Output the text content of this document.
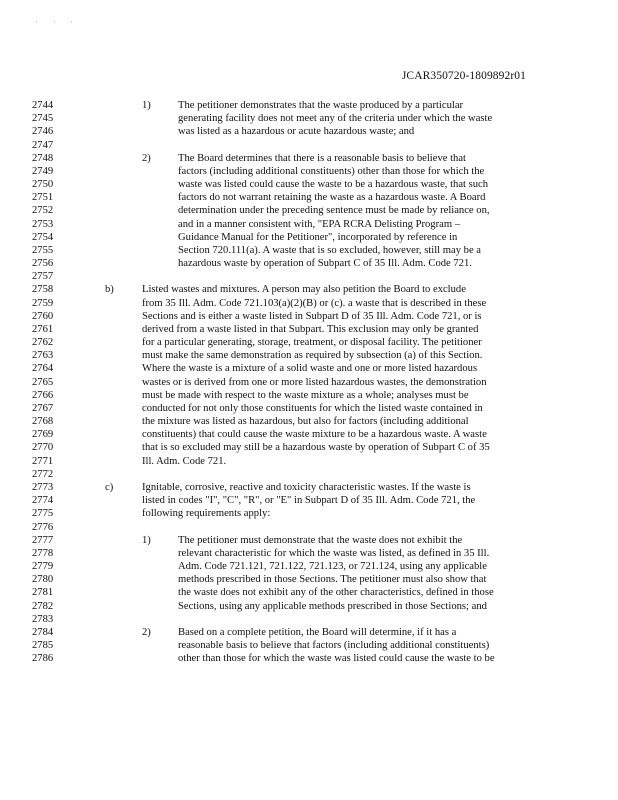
' ' '
JCAR350720-1809892r01
2744	1)	The petitioner demonstrates that the waste produced by a particular
2745	generating facility does not meet any of the criteria under which the waste
2746	was listed as a hazardous or acute hazardous waste; and
2747
2748	2)	The Board determines that there is a reasonable basis to believe that
2749	factors (including additional constituents) other than those for which the
2750	waste was listed could cause the waste to be a hazardous waste, that such
2751	factors do not warrant retaining the waste as a hazardous waste. A Board
2752	determination under the preceding sentence must be made by reliance on,
2753	and in a manner consistent with, "EPA RCRA Delisting Program –
2754	Guidance Manual for the Petitioner", incorporated by reference in
2755	Section 720.111(a). A waste that is so excluded, however, still may be a
2756	hazardous waste by operation of Subpart C of 35 Ill. Adm. Code 721.
2757
2758	b)	Listed wastes and mixtures. A person may also petition the Board to exclude
2759	from 35 Ill. Adm. Code 721.103(a)(2)(B) or (c). a waste that is described in these
2760	Sections and is either a waste listed in Subpart D of 35 Ill. Adm. Code 721, or is
2761	derived from a waste listed in that Subpart. This exclusion may only be granted
2762	for a particular generating, storage, treatment, or disposal facility. The petitioner
2763	must make the same demonstration as required by subsection (a) of this Section.
2764	Where the waste is a mixture of a solid waste and one or more listed hazardous
2765	wastes or is derived from one or more listed hazardous wastes, the demonstration
2766	must be made with respect to the waste mixture as a whole; analyses must be
2767	conducted for not only those constituents for which the listed waste contained in
2768	the mixture was listed as hazardous, but also for factors (including additional
2769	constituents) that could cause the waste mixture to be a hazardous waste. A waste
2770	that is so excluded may still be a hazardous waste by operation of Subpart C of 35
2771	Ill. Adm. Code 721.
2772
2773	c)	Ignitable, corrosive, reactive and toxicity characteristic wastes. If the waste is
2774	listed in codes "I", "C", "R", or "E" in Subpart D of 35 Ill. Adm. Code 721, the
2775	following requirements apply:
2776
2777	1)	The petitioner must demonstrate that the waste does not exhibit the
2778	relevant characteristic for which the waste was listed, as defined in 35 Ill.
2779	Adm. Code 721.121, 721.122, 721.123, or 721.124, using any applicable
2780	methods prescribed in those Sections. The petitioner must also show that
2781	the waste does not exhibit any of the other characteristics, defined in those
2782	Sections, using any applicable methods prescribed in those Sections; and
2783
2784	2)	Based on a complete petition, the Board will determine, if it has a
2785	reasonable basis to believe that factors (including additional constituents)
2786	other than those for which the waste was listed could cause the waste to be
